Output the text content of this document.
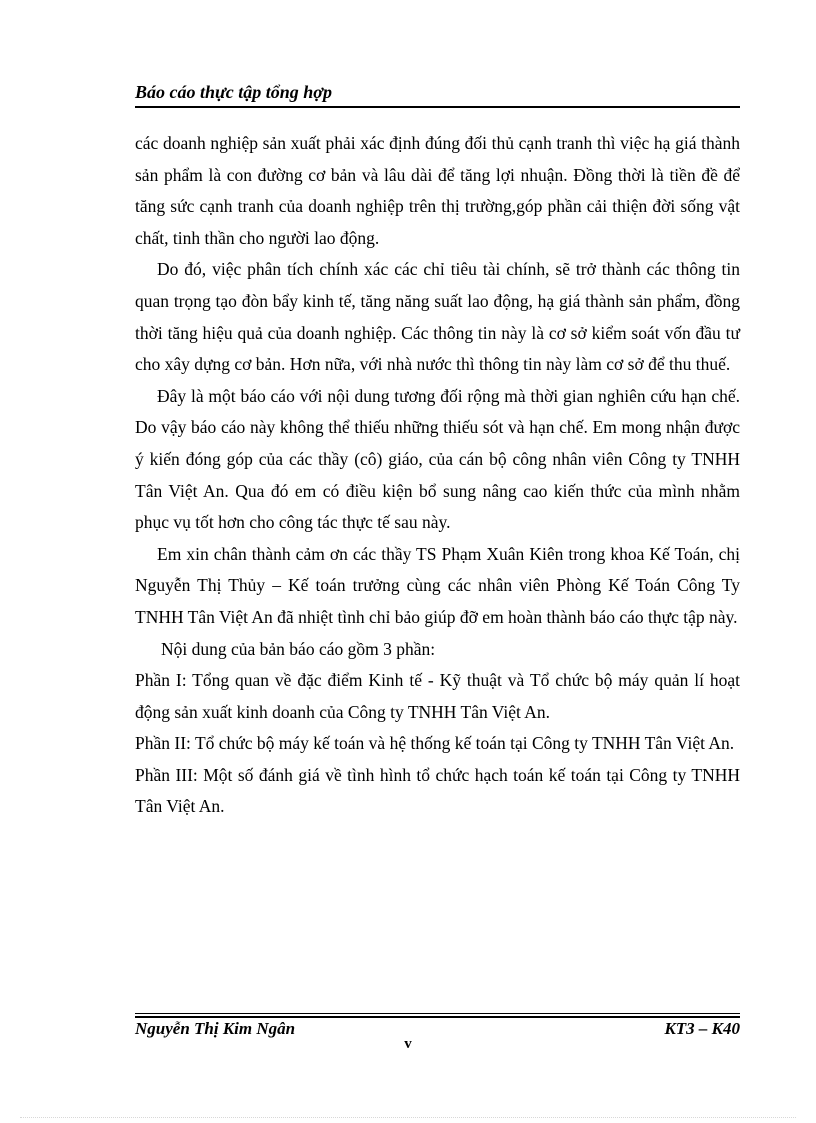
Báo cáo thực tập tổng hợp

các doanh nghiệp sản xuất phải xác định đúng đối thủ cạnh tranh thì việc hạ giá thành sản phẩm là con đường cơ bản và lâu dài để tăng lợi nhuận. Đồng thời là tiền đề để tăng sức cạnh tranh của doanh nghiệp trên thị trường,góp phần cải thiện đời sống vật chất, tinh thần cho người lao động.

Do đó, việc phân tích chính xác các chỉ tiêu tài chính, sẽ trở thành các thông tin quan trọng tạo đòn bẩy kinh tế, tăng năng suất lao động, hạ giá thành sản phẩm, đồng thời tăng hiệu quả của doanh nghiệp. Các thông tin này là cơ sở kiểm soát vốn đầu tư cho xây dựng cơ bản. Hơn nữa, với nhà nước thì thông tin này làm cơ sở để thu thuế.

Đây là một báo cáo với nội dung tương đối rộng mà thời gian nghiên cứu hạn chế. Do vậy báo cáo này không thể thiếu những thiếu sót và hạn chế. Em mong nhận được ý kiến đóng góp của các thầy (cô) giáo, của cán bộ công nhân viên Công ty TNHH Tân Việt An. Qua đó em có điều kiện bổ sung nâng cao kiến thức của mình nhằm phục vụ tốt hơn cho công tác thực tế sau này.

Em xin chân thành cảm ơn các thầy TS Phạm Xuân Kiên trong khoa Kế Toán, chị Nguyễn Thị Thủy – Kế toán trưởng cùng các nhân viên Phòng Kế Toán Công Ty TNHH Tân Việt An đã nhiệt tình chỉ bảo giúp đỡ em hoàn thành báo cáo thực tập này.

Nội dung của bản báo cáo gồm 3 phần:

Phần I: Tổng quan về đặc điểm Kinh tế - Kỹ thuật và Tổ chức bộ máy quản lí hoạt động sản xuất kinh doanh của Công ty TNHH Tân Việt An.

Phần II: Tổ chức bộ máy kế toán và hệ thống kế toán tại Công ty TNHH Tân Việt An.

Phần III: Một số đánh giá về tình hình tổ chức hạch toán kế toán tại Công ty TNHH Tân Việt An.

Nguyễn Thị Kim Ngân	KT3 – K40
v
